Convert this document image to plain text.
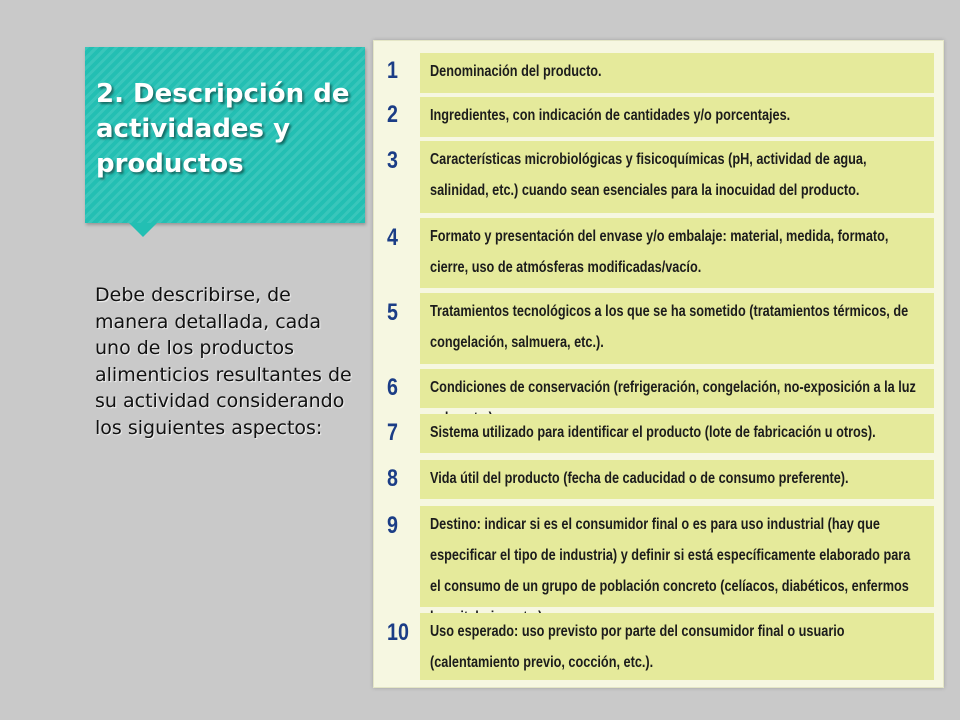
2. Descripción de actividades y productos

Debe describirse, de manera detallada, cada uno de los productos alimenticios resultantes de su actividad considerando los siguientes aspectos:

1	Denominación del producto.
2	Ingredientes, con indicación de cantidades y/o porcentajes.
3	Características microbiológicas y fisicoquímicas (pH, actividad de agua, salinidad, etc.) cuando sean esenciales para la inocuidad del producto.
4	Formato y presentación del envase y/o embalaje: material, medida, formato, cierre, uso de atmósferas modificadas/vacío.
5	Tratamientos tecnológicos a los que se ha sometido (tratamientos térmicos, de congelación, salmuera, etc.).
6	Condiciones de conservación (refrigeración, congelación, no-exposición a la luz
7	Sistema utilizado para identificar el producto (lote de fabricación u otros).
8	Vida útil del producto (fecha de caducidad o de consumo preferente).
9	Destino: indicar si es el consumidor final o es para uso industrial (hay que especificar el tipo de industria) y definir si está específicamente elaborado para el consumo de un grupo de población concreto (celíacos, diabéticos, enfermos
10	Uso esperado: uso previsto por parte del consumidor final o usuario (calentamiento previo, cocción, etc.).
